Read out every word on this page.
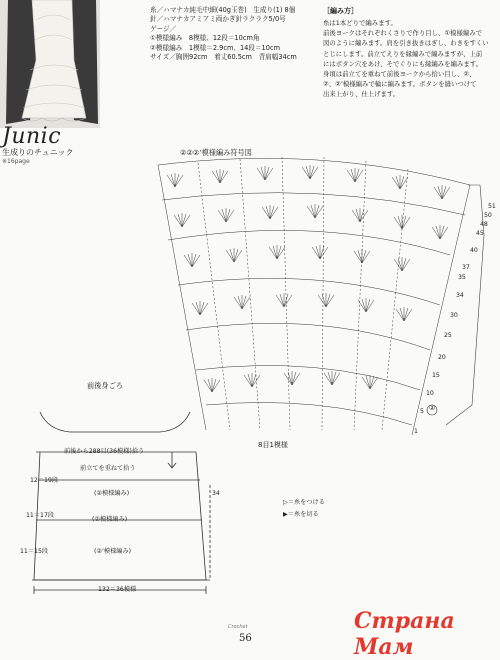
Junic
生成りのチュニック
※16page
糸／ハマナカ純毛中細(40g玉巻)　生成り(1) 8個
針／ハマナカアミアミ両かぎ針ラクラク5/0号
ゲージ／
①模様編み　8模様、12段＝10cm角
②模様編み　1模様＝2.9cm、14段＝10cm
サイズ／胸囲92cm　着丈60.5cm　背肩幅34cm
［編み方］
糸は1本どりで編みます。
前後ヨークはそれぞれくさりで作り目し、①模様編みで
図のように編みます。肩を引き抜きはぎし、わきをすくい
とじにします。前立てえりを縁編みで編みますが、上前
にはボタン穴をあけ、そでぐりにも縁編みを編みます。
身頃は前立てを重ねて前後ヨークから拾い目し、②、
②、②’模様編みで輪に編みます。ボタンを縫いつけて
出来上がり、仕上げます。
②②②’模様編み符号図
51
50
48
45
40
37
35
34
30
25
20
15
10
5
1
②
8目1模様
前後身ごろ
前後から288目(36模様)拾う
前立てを重ねて拾う
12＝19段
(②模様編み)
11＝17段
(②模様編み)
11＝15段	(②’模様編み)
34
132＝36模様
▷＝糸をつける
▶＝糸を切る
Crochet
56
Страна Мам
